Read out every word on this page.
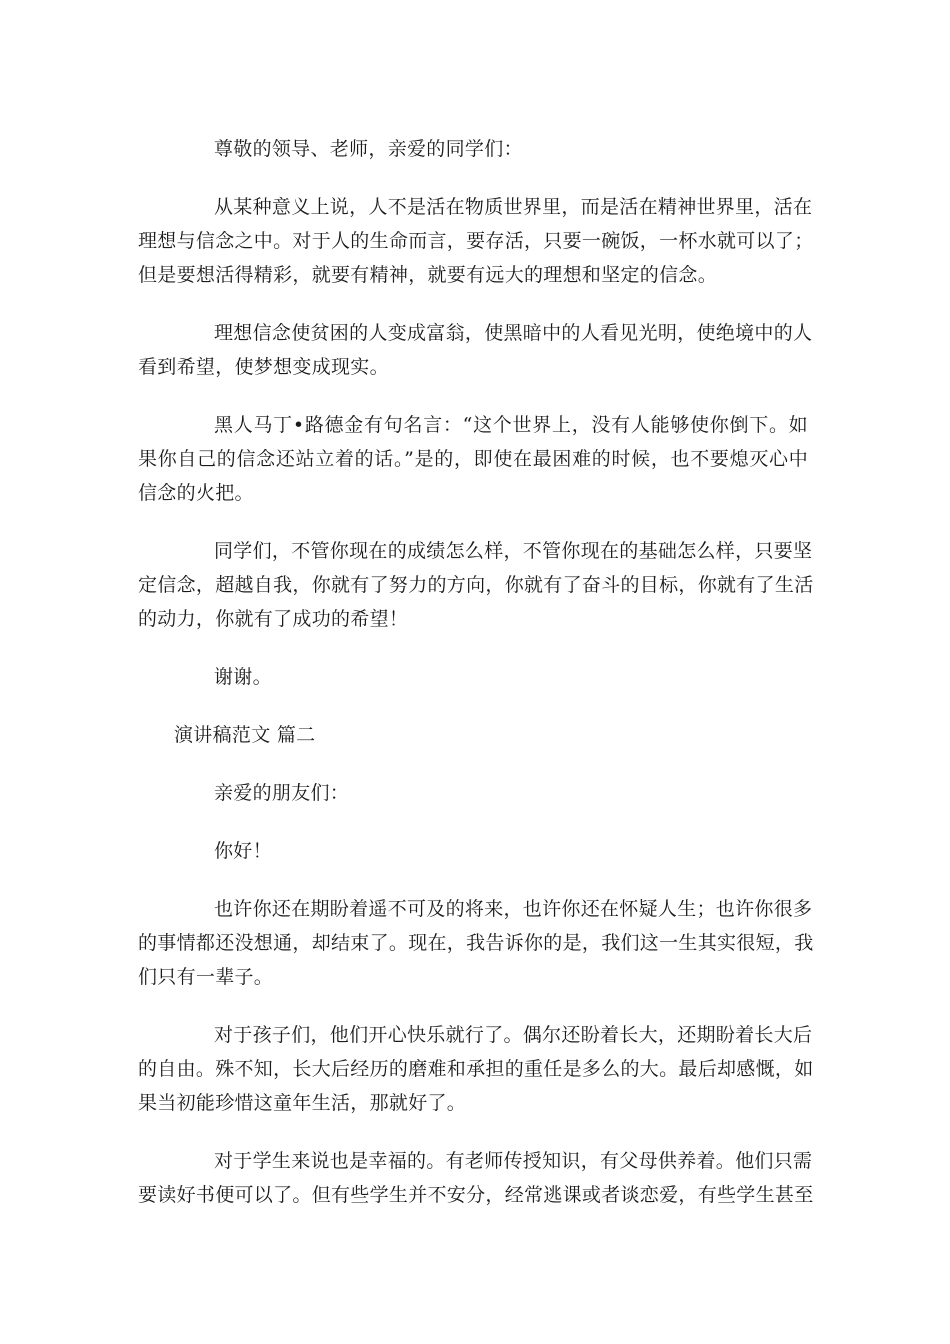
尊敬的领导、老师，亲爱的同学们：

从某种意义上说，人不是活在物质世界里，而是活在精神世界里，活在
理想与信念之中。对于人的生命而言，要存活，只要一碗饭，一杯水就可以了；
但是要想活得精彩，就要有精神，就要有远大的理想和坚定的信念。

理想信念使贫困的人变成富翁，使黑暗中的人看见光明，使绝境中的人
看到希望，使梦想变成现实。

黑人马丁•路德金有句名言：“这个世界上，没有人能够使你倒下。如
果你自己的信念还站立着的话。”是的，即使在最困难的时候，也不要熄灭心中
信念的火把。

同学们，不管你现在的成绩怎么样，不管你现在的基础怎么样，只要坚
定信念，超越自我，你就有了努力的方向，你就有了奋斗的目标，你就有了生活
的动力，你就有了成功的希望！

谢谢。

演讲稿范文 篇二

亲爱的朋友们：

你好！

也许你还在期盼着遥不可及的将来，也许你还在怀疑人生；也许你很多
的事情都还没想通，却结束了。现在，我告诉你的是，我们这一生其实很短，我
们只有一辈子。

对于孩子们，他们开心快乐就行了。偶尔还盼着长大，还期盼着长大后
的自由。殊不知，长大后经历的磨难和承担的重任是多么的大。最后却感慨，如
果当初能珍惜这童年生活，那就好了。

对于学生来说也是幸福的。有老师传授知识，有父母供养着。他们只需
要读好书便可以了。但有些学生并不安分，经常逃课或者谈恋爱，有些学生甚至
